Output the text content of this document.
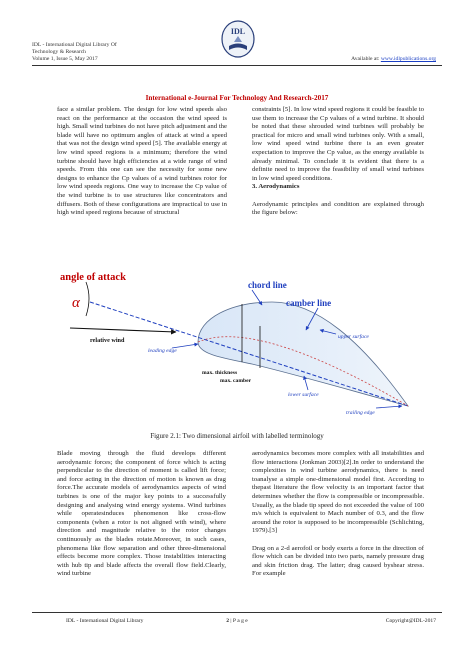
IDL - International Digital Library Of
Technology & Research
Volume 1, Issue 5, May 2017
IDL
Available at: www.idlpublications.org
International e-Journal For Technology And Research-2017

face a similar problem. The design for low wind speeds also react on the performance at the occasion the wind speed is high. Small wind turbines do not have pitch adjustment and the blade will have no optimum angles of attack at wind a speed that was not the design wind speed [5]. The available energy at low wind speed regions is a minimum; therefore the wind turbine should have high efficiencies at a wide range of wind speeds. From this one can see the necessity for some new designs to enhance the Cp values of a wind turbines rotor for low wind speeds regions. One way to increase the Cp value of the wind turbine is to use structures like concentrators and diffusers. Both of these configurations are impractical to use in high wind speed regions because of structural

constraints [5]. In low wind speed regions it could be feasible to use them to increase the Cp values of a wind turbine. It should be noted that these shrouded wind turbines will probably be practical for micro and small wind turbines only. With a small, low wind speed wind turbine there is an even greater expectation to improve the Cp value, as the energy available is already minimal. To conclude it is evident that there is a definite need to improve the feasibility of small wind turbines in low wind speed conditions.

3. Aerodynamics

Aerodynamic principles and condition are explained through the figure below:

angle of attack
α
relative wind
chord line
camber line
upper surface
leading edge
max. thickness
max. camber
lower surface
trailing edge
Figure 2.1: Two dimensional airfoil with labelled terminology

Blade moving through the fluid develops different aerodynamic forces; the component of force which is acting perpendicular to the direction of moment is called lift force; and force acting in the direction of motion is known as drag force.The accurate models of aerodynamics aspects of wind turbines is one of the major key points to a successfully designing and analysing wind energy systems. Wind turbines while operatesinduces phenomenon like cross-flow components (when a rotor is not aligned with wind), where direction and magnitude relative to the rotor changes continuously as the blades rotate.Moreover, in such cases, phenomena like flow separation and other three-dimensional effects become more complex. Those instabilities interacting with hub tip and blade affects the overall flow field.Clearly, wind turbine

aerodynamics becomes more complex with all instabilities and flow interactions (Jonkman 2003)[2].In order to understand the complexities in wind turbine aerodynamics, there is need toanalyse a simple one-dimensional model first. According to thepast literature the flow velocity is an important factor that determines whether the flow is compressible or incompressible. Usually, as the blade tip speed do not exceeded the value of 100 m/s which is equivalent to Mach number of 0.3, and the flow around the rotor is supposed to be incompressible (Schlichting, 1979).[3]

Drag on a 2-d aerofoil or body exerts a force in the direction of flow which can be divided into two parts, namely pressure drag and skin friction drag. The latter; drag caused byshear stress. For example

IDL - International Digital Library	2 | P a g e	Copyright@IDL-2017
